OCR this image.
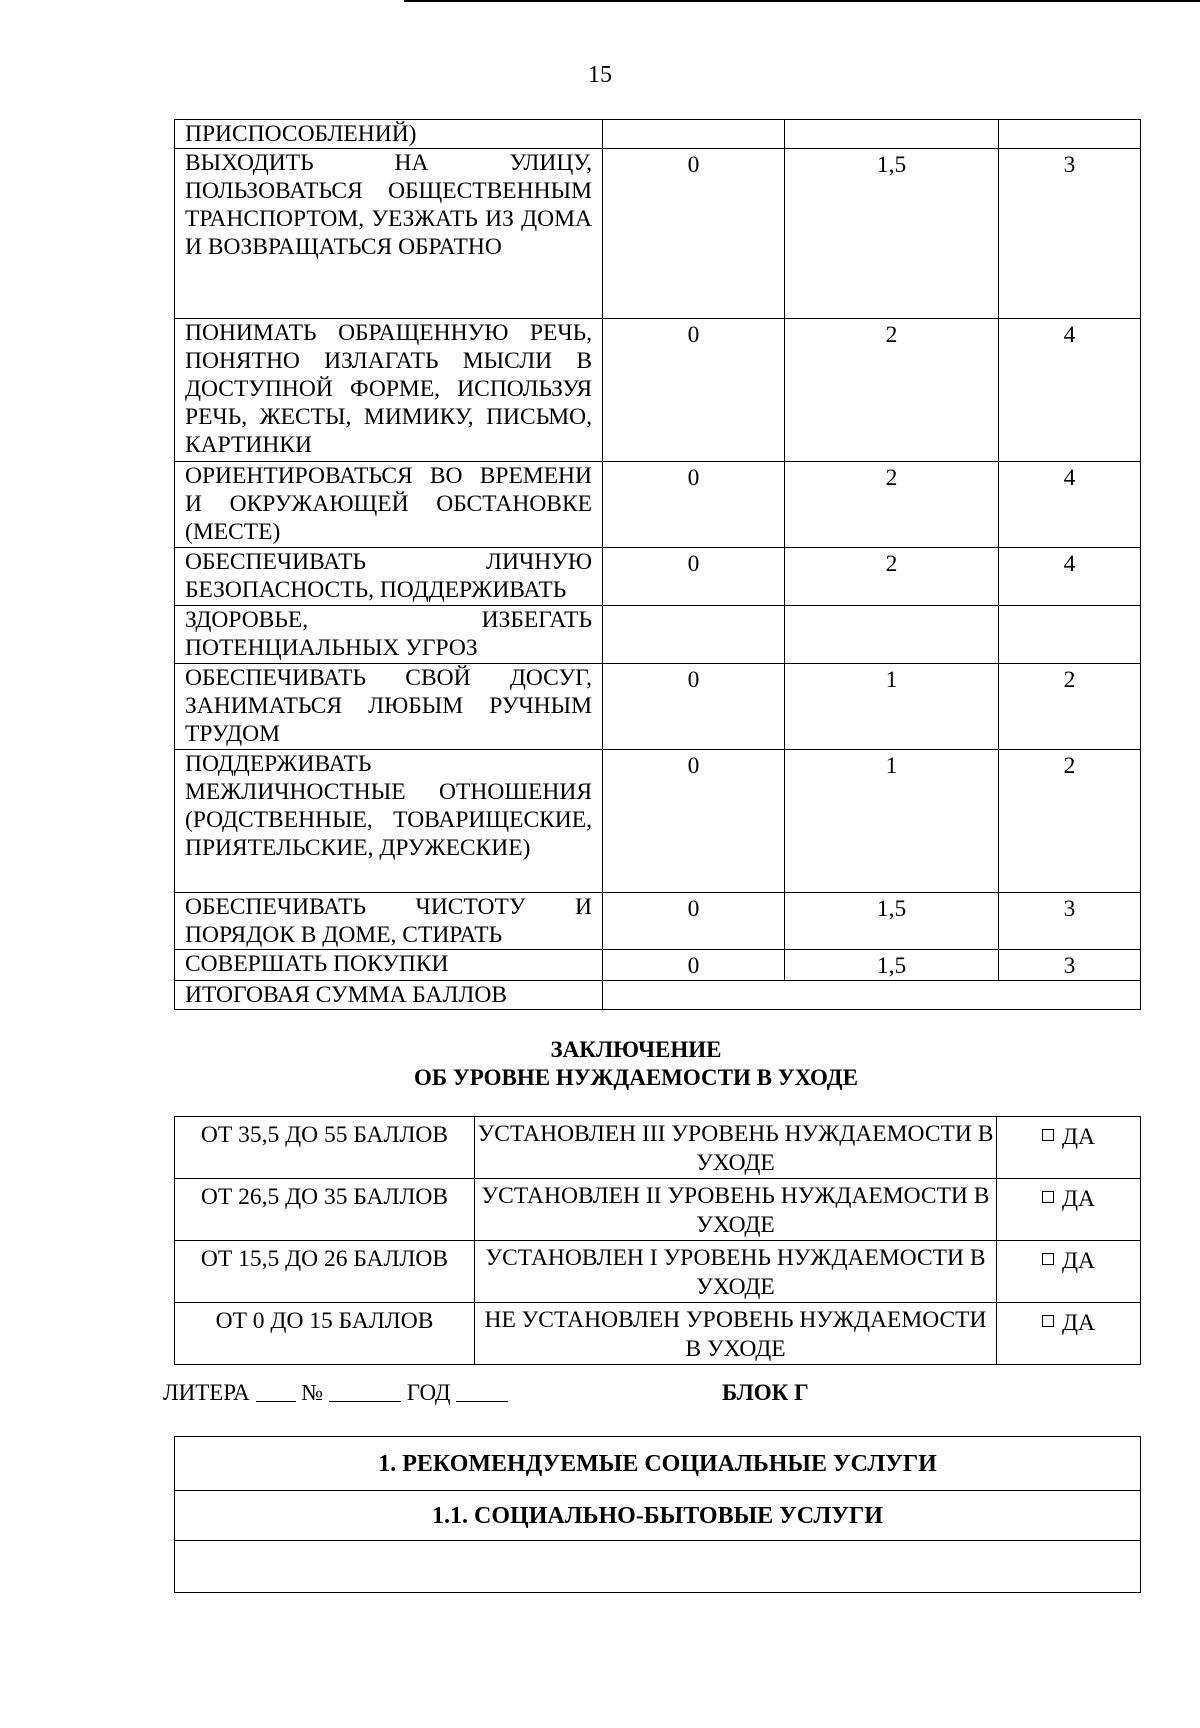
15
ПРИСПОСОБЛЕНИЙ)			
ВЫХОДИТЬ НА УЛИЦУ, ПОЛЬЗОВАТЬСЯ ОБЩЕСТВЕННЫМ ТРАНСПОРТОМ, УЕЗЖАТЬ ИЗ ДОМА И ВОЗВРАЩАТЬСЯ ОБРАТНО	0	1,5	3
ПОНИМАТЬ ОБРАЩЕННУЮ РЕЧЬ, ПОНЯТНО ИЗЛАГАТЬ МЫСЛИ В ДОСТУПНОЙ ФОРМЕ, ИСПОЛЬЗУЯ РЕЧЬ, ЖЕСТЫ, МИМИКУ, ПИСЬМО, КАРТИНКИ	0	2	4
ОРИЕНТИРОВАТЬСЯ ВО ВРЕМЕНИ И ОКРУЖАЮЩЕЙ ОБСТАНОВКЕ (МЕСТЕ)	0	2	4
ОБЕСПЕЧИВАТЬ ЛИЧНУЮ БЕЗОПАСНОСТЬ, ПОДДЕРЖИВАТЬ	0	2	4
ЗДОРОВЬЕ, ИЗБЕГАТЬ ПОТЕНЦИАЛЬНЫХ УГРОЗ			
ОБЕСПЕЧИВАТЬ СВОЙ ДОСУГ, ЗАНИМАТЬСЯ ЛЮБЫМ РУЧНЫМ ТРУДОМ	0	1	2
ПОДДЕРЖИВАТЬ МЕЖЛИЧНОСТНЫЕ ОТНОШЕНИЯ (РОДСТВЕННЫЕ, ТОВАРИЩЕСКИЕ, ПРИЯТЕЛЬСКИЕ, ДРУЖЕСКИЕ)	0	1	2
ОБЕСПЕЧИВАТЬ ЧИСТОТУ И ПОРЯДОК В ДОМЕ, СТИРАТЬ	0	1,5	3
СОВЕРШАТЬ ПОКУПКИ	0	1,5	3
ИТОГОВАЯ СУММА БАЛЛОВ			
ЗАКЛЮЧЕНИЕ
ОБ УРОВНЕ НУЖДАЕМОСТИ В УХОДЕ
ОТ 35,5 ДО 55 БАЛЛОВ	УСТАНОВЛЕН III УРОВЕНЬ НУЖДАЕМОСТИ В УХОДЕ	ДА
ОТ 26,5 ДО 35 БАЛЛОВ	УСТАНОВЛЕН II УРОВЕНЬ НУЖДАЕМОСТИ В УХОДЕ	ДА
ОТ 15,5 ДО 26 БАЛЛОВ	УСТАНОВЛЕН I УРОВЕНЬ НУЖДАЕМОСТИ В УХОДЕ	ДА
ОТ 0 ДО 15 БАЛЛОВ	НЕ УСТАНОВЛЕН УРОВЕНЬ НУЖДАЕМОСТИ В УХОДЕ	ДА
ЛИТЕРА №	ГОД	БЛОК Г
1. РЕКОМЕНДУЕМЫЕ СОЦИАЛЬНЫЕ УСЛУГИ
1.1. СОЦИАЛЬНО-БЫТОВЫЕ УСЛУГИ
